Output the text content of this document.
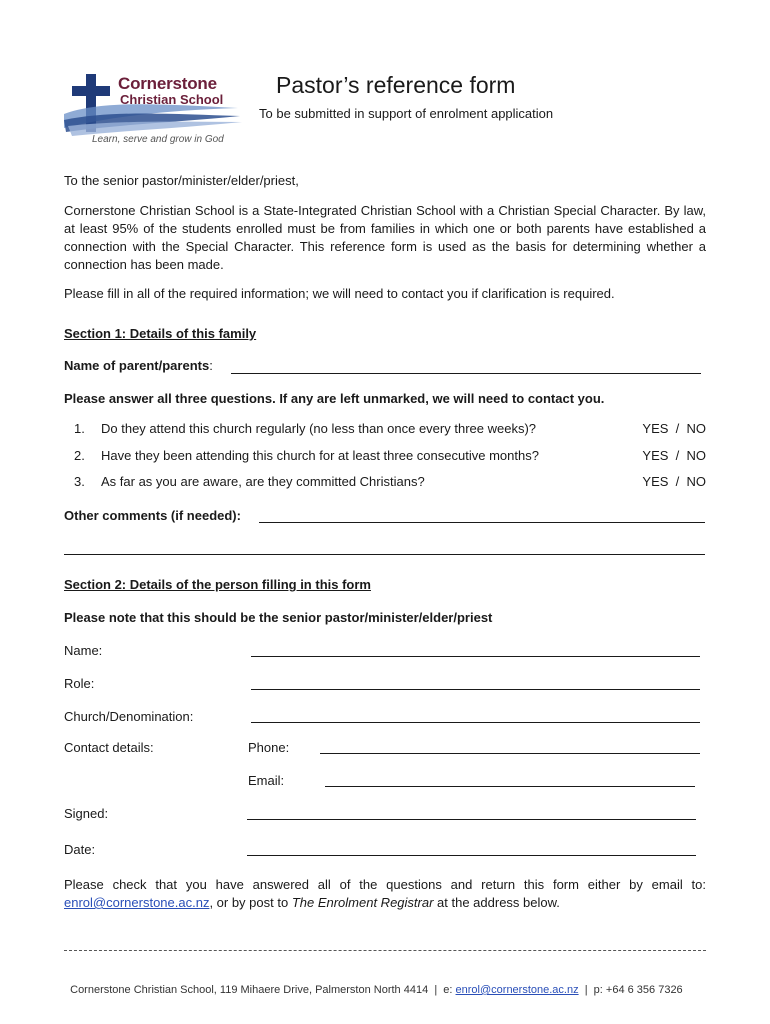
Cornerstone
Christian School
Learn, serve and grow in God
Pastor’s reference form
To be submitted in support of enrolment application
To the senior pastor/minister/elder/priest,
Cornerstone Christian School is a State-Integrated Christian School with a Christian Special Character. By law, at least 95% of the students enrolled must be from families in which one or both parents have established a connection with the Special Character. This reference form is used as the basis for determining whether a connection has been made.
Please fill in all of the required information; we will need to contact you if clarification is required.
Section 1: Details of this family
Name of parent/parents:
Please answer all three questions. If any are left unmarked, we will need to contact you.
1. Do they attend this church regularly (no less than once every three weeks)?	YES  /  NO
2. Have they been attending this church for at least three consecutive months?	YES  /  NO
3. As far as you are aware, are they committed Christians?	YES  /  NO
Other comments (if needed):
Section 2: Details of the person filling in this form
Please note that this should be the senior pastor/minister/elder/priest
Name:
Role:
Church/Denomination:
Contact details:	Phone:
Email:
Signed:
Date:
Please check that you have answered all of the questions and return this form either by email to: enrol@cornerstone.ac.nz, or by post to The Enrolment Registrar at the address below.

Cornerstone Christian School, 119 Mihaere Drive, Palmerston North 4414  |  e: enrol@cornerstone.ac.nz  |  p: +64 6 356 7326
